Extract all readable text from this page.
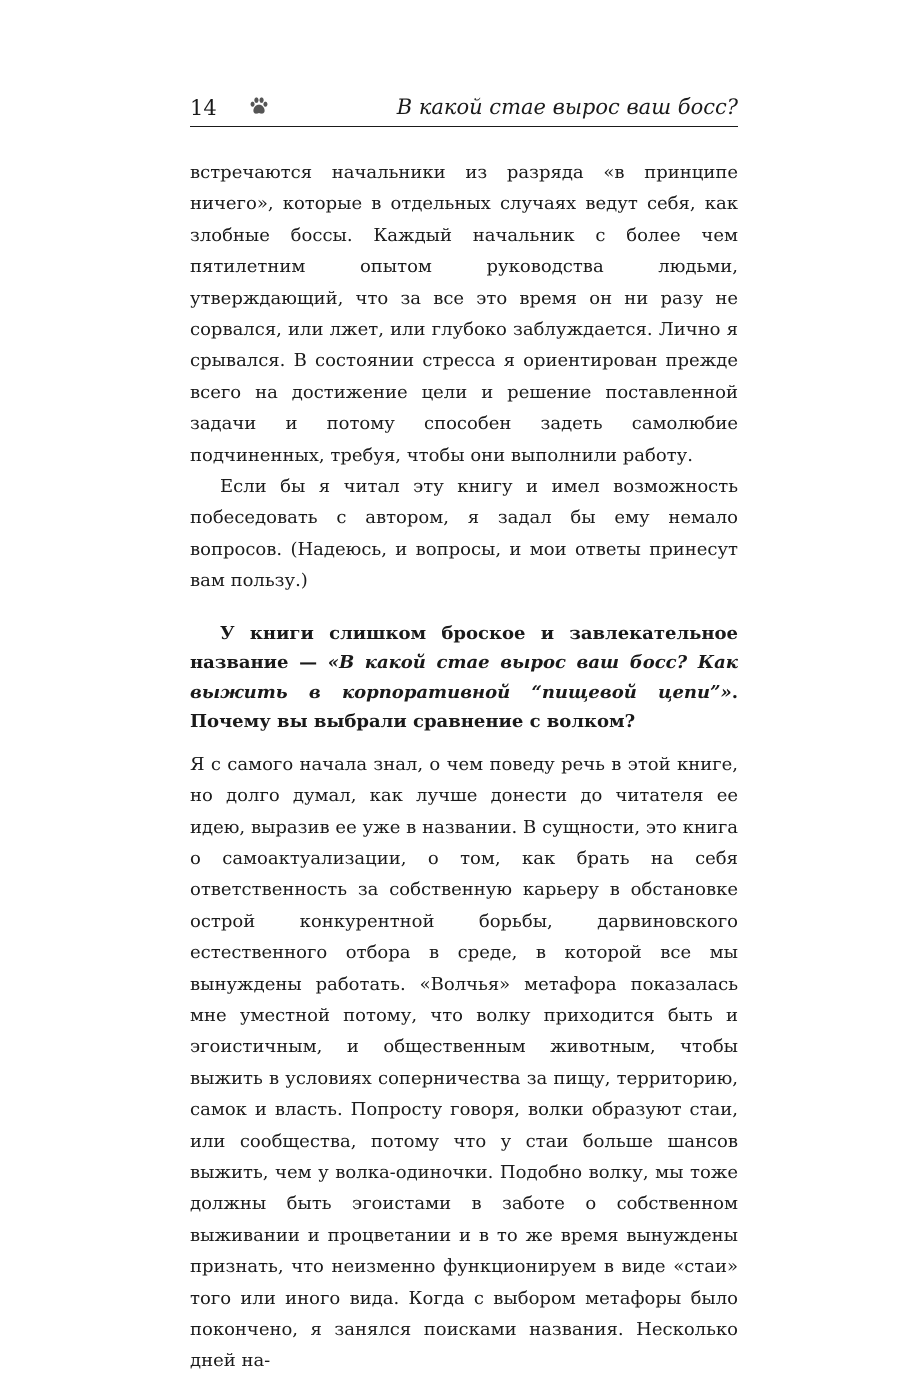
14	В какой стае вырос ваш босс?

встречаются начальники из разряда «в принципе ничего», которые в отдельных случаях ведут себя, как злобные боссы. Каждый начальник с более чем пятилетним опытом руководства людьми, утверждающий, что за все это время он ни разу не сорвался, или лжет, или глубоко заблуждается. Лично я срывался. В состоянии стресса я ориентирован прежде всего на достижение цели и решение поставленной задачи и потому способен задеть самолюбие подчиненных, требуя, чтобы они выполнили работу.

Если бы я читал эту книгу и имел возможность побеседовать с автором, я задал бы ему немало вопросов. (Надеюсь, и вопросы, и мои ответы принесут вам пользу.)

У книги слишком броское и завлекательное название — «В какой стае вырос ваш босс? Как выжить в корпоративной “пищевой цепи”». Почему вы выбрали сравнение с волком?

Я с самого начала знал, о чем поведу речь в этой книге, но долго думал, как лучше донести до читателя ее идею, выразив ее уже в названии. В сущности, это книга о самоактуализации, о том, как брать на себя ответственность за собственную карьеру в обстановке острой конкурентной борьбы, дарвиновского естественного отбора в среде, в которой все мы вынуждены работать. «Волчья» метафора показалась мне уместной потому, что волку приходится быть и эгоистичным, и общественным животным, чтобы выжить в условиях соперничества за пищу, территорию, самок и власть. Попросту говоря, волки образуют стаи, или сообщества, потому что у стаи больше шансов выжить, чем у волка-одиночки. Подобно волку, мы тоже должны быть эгоистами в заботе о собственном выживании и процветании и в то же время вынуждены признать, что неизменно функционируем в виде «стаи» того или иного вида. Когда с выбором метафоры было покончено, я занялся поисками названия. Несколько дней на-
